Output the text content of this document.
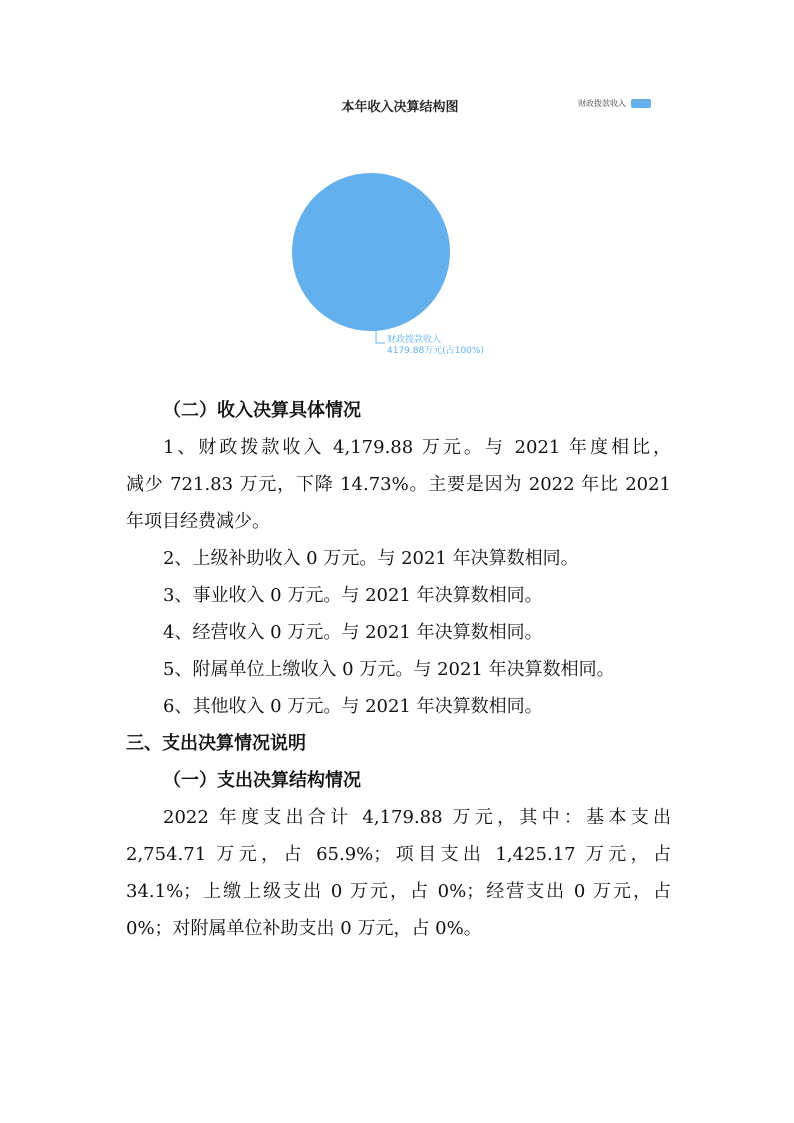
本年收入决算结构图	财政拨款收入
财政拨款收入
4179.88万元(占100%)
（二）收入决算具体情况
1、财政拨款收入 4,179.88 万元。与 2021 年度相比，
减少 721.83 万元，下降 14.73%。主要是因为 2022 年比 2021
年项目经费减少。
2、上级补助收入 0 万元。与 2021 年决算数相同。
3、事业收入 0 万元。与 2021 年决算数相同。
4、经营收入 0 万元。与 2021 年决算数相同。
5、附属单位上缴收入 0 万元。与 2021 年决算数相同。
6、其他收入 0 万元。与 2021 年决算数相同。
三、支出决算情况说明
（一）支出决算结构情况
2022 年度支出合计 4,179.88 万元，其中：基本支出
2,754.71 万元，占 65.9%；项目支出 1,425.17 万元，占
34.1%；上缴上级支出 0 万元，占 0%；经营支出 0 万元，占
0%；对附属单位补助支出 0 万元，占 0%。
